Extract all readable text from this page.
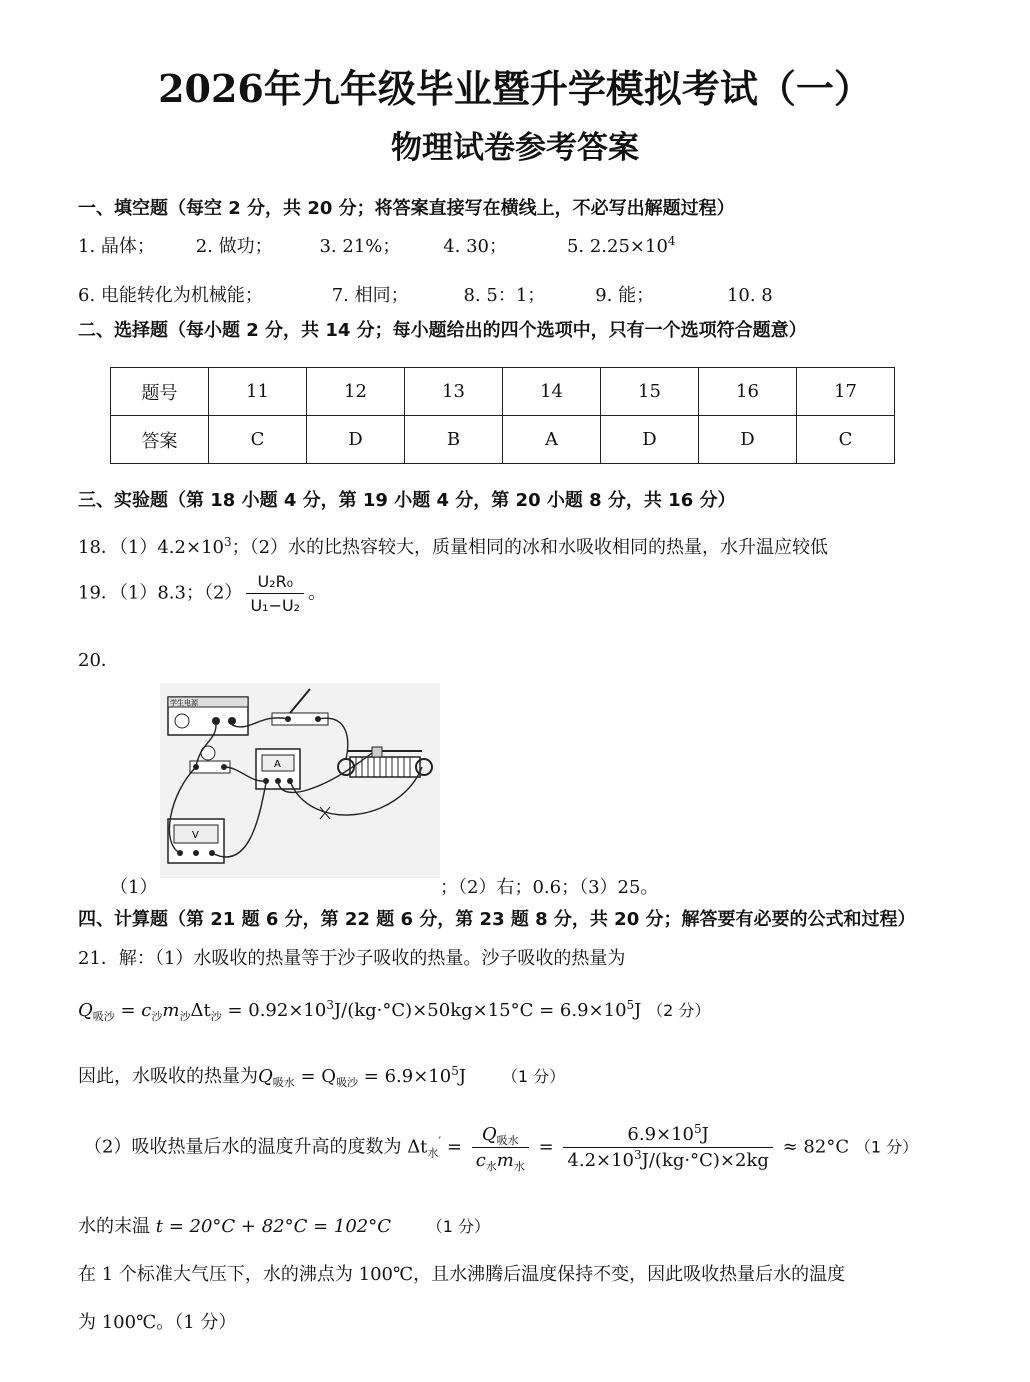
2026年九年级毕业暨升学模拟考试（一）
物理试卷参考答案
一、填空题（每空 2 分，共 20 分；将答案直接写在横线上，不必写出解题过程）
1. 晶体； 2. 做功；	3. 21%； 4. 30；	5. $2.25\times 10^4$
6. 电能转化为机械能；	7. 相同；	8. 5：1；	9. 能；	10. 8
二、选择题（每小题 2 分，共 14 分；每小题给出的四个选项中，只有一个选项符合题意）
题号	11	12	13	14	15	16	17
答案	C	D	B	A	D	D	C
三、实验题（第 18 小题 4 分，第 19 小题 4 分，第 20 小题 8 分，共 16 分）
18．$(1)4.2\times 10^3$；（2）水的比热容较大，质量相同的冰和水吸收相同的热量，水升温应较低
19．（1）8.3；$(2) \frac{\text{U₂R₀}}{\text{U₁−U₂}}$ 。
20．
学生电源
A
V
（1）	；（2）右；0.6；（3）25。
四、计算题（第 21 题 6 分，第 22 题 6 分，第 23 题 8 分，共 20 分；解答要有必要的公式和过程）
21．解：（1）水吸收的热量等于沙子吸收的热量。沙子吸收的热量为
$Q_{吸沙} = c_沙m_沙\Delta t_沙 = 0.92\times 10^3J/(kg\cdot^\circ C)\times 50kg\times 15^\circ C = 6.9\times 10^5J$ （2 分）
因此，水吸收的热量为$Q_{吸水} = Q_{吸沙} = 6.9\times 10^5J$ （1 分）
（2）吸收热量后水的温度升高的度数为 $\Delta t_水' = \frac{Q_{吸水}}{c_水m_水} = \frac{6.9\times 10^5J}{4.2\times 10^3J/(kg\cdot^\circ C)\times 2kg} \approx 82^\circ C$ （1 分）
水的末温 t = 20°C + 82°C = 102°C （1 分）
在 1 个标准大气压下，水的沸点为 100℃，且水沸腾后温度保持不变，因此吸收热量后水的温度
为 100℃。（1 分）
